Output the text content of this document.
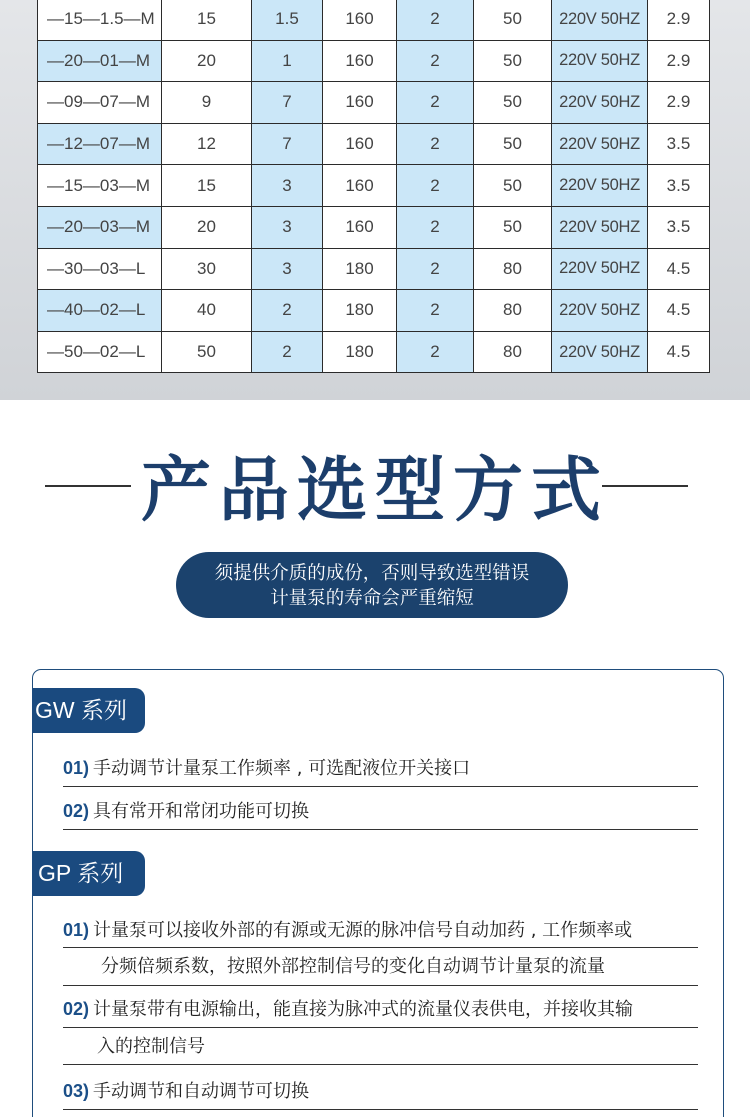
—15—1.5—M	15	1.5	160	2	50	220V 50HZ	2.9
—20—01—M	20	1	160	2	50	220V 50HZ	2.9
—09—07—M	9	7	160	2	50	220V 50HZ	2.9
—12—07—M	12	7	160	2	50	220V 50HZ	3.5
—15—03—M	15	3	160	2	50	220V 50HZ	3.5
—20—03—M	20	3	160	2	50	220V 50HZ	3.5
—30—03—L	30	3	180	2	80	220V 50HZ	4.5
—40—02—L	40	2	180	2	80	220V 50HZ	4.5
—50—02—L	50	2	180	2	80	220V 50HZ	4.5
产品选型方式
须提供介质的成份，否则导致选型错误
计量泵的寿命会严重缩短
GW 系列
01) 手动调节计量泵工作频率 , 可选配液位开关接口
02) 具有常开和常闭功能可切换
GP 系列
01) 计量泵可以接收外部的有源或无源的脉冲信号自动加药 , 工作频率或
分频倍频系数，按照外部控制信号的变化自动调节计量泵的流量
02) 计量泵带有电源输出，能直接为脉冲式的流量仪表供电，并接收其输
入的控制信号
03) 手动调节和自动调节可切换
